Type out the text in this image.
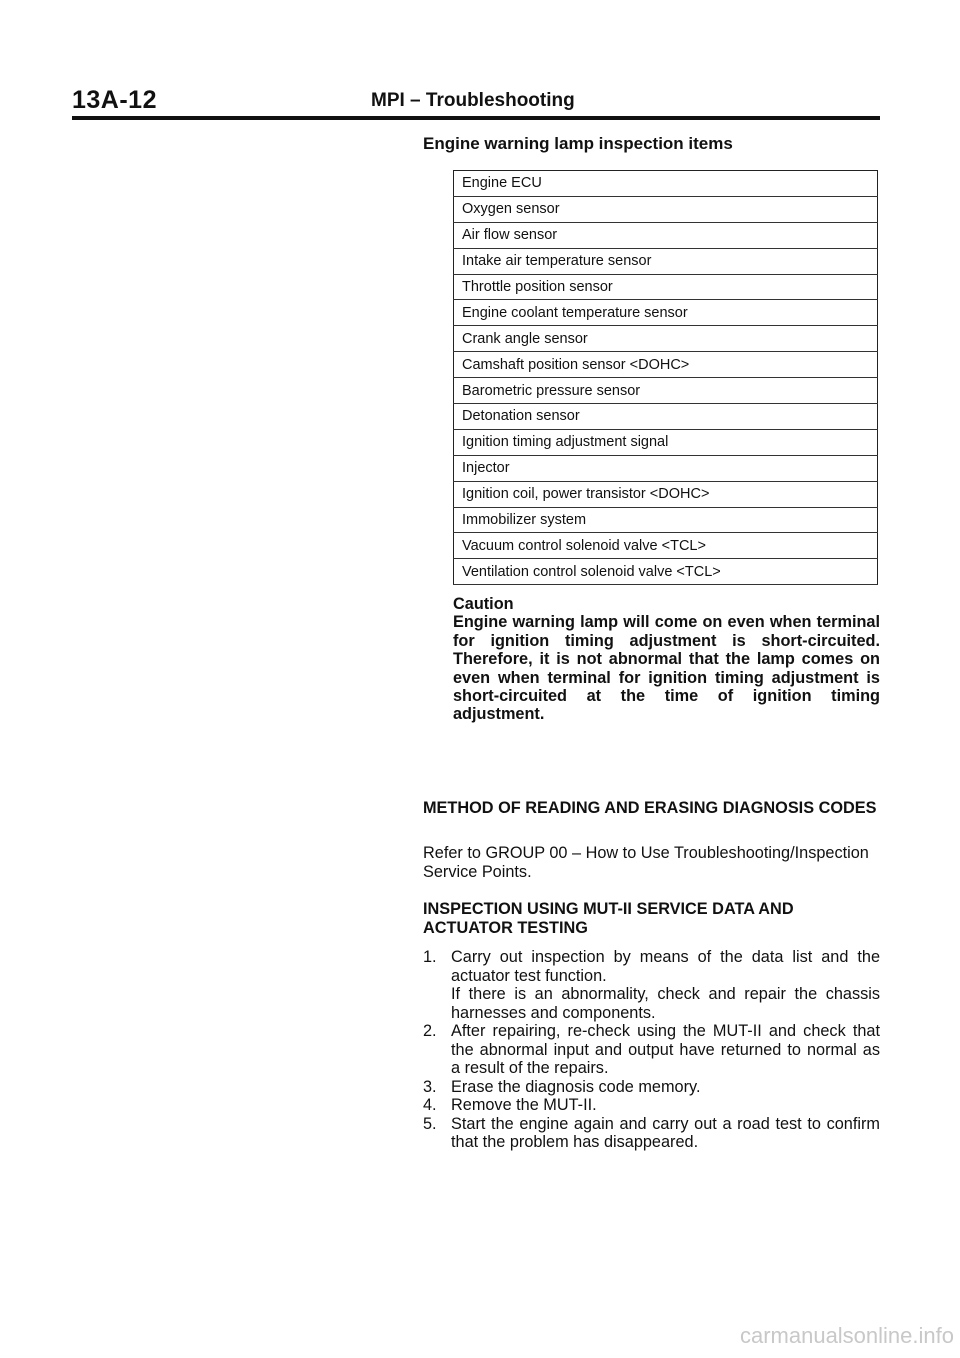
13A-12	MPI – Troubleshooting
Engine warning lamp inspection items
Engine ECU
Oxygen sensor
Air flow sensor
Intake air temperature sensor
Throttle position sensor
Engine coolant temperature sensor
Crank angle sensor
Camshaft position sensor <DOHC>
Barometric pressure sensor
Detonation sensor
Ignition timing adjustment signal
Injector
Ignition coil, power transistor <DOHC>
Immobilizer system
Vacuum control solenoid valve <TCL>
Ventilation control solenoid valve <TCL>
Caution
Engine warning lamp will come on even when terminal for ignition timing adjustment is short-circuited. Therefore, it is not abnormal that the lamp comes on even when terminal for ignition timing adjustment is short-circuited at the time of ignition timing adjustment.
METHOD OF READING AND ERASING DIAGNOSIS CODES
Refer to GROUP 00 – How to Use Troubleshooting/Inspection Service Points.
INSPECTION USING MUT-II SERVICE DATA AND ACTUATOR TESTING
1. Carry out inspection by means of the data list and the actuator test function.
If there is an abnormality, check and repair the chassis harnesses and components.
2. After repairing, re-check using the MUT-II and check that the abnormal input and output have returned to normal as a result of the repairs.
3. Erase the diagnosis code memory.
4. Remove the MUT-II.
5. Start the engine again and carry out a road test to confirm that the problem has disappeared.
carmanualsonline.info
